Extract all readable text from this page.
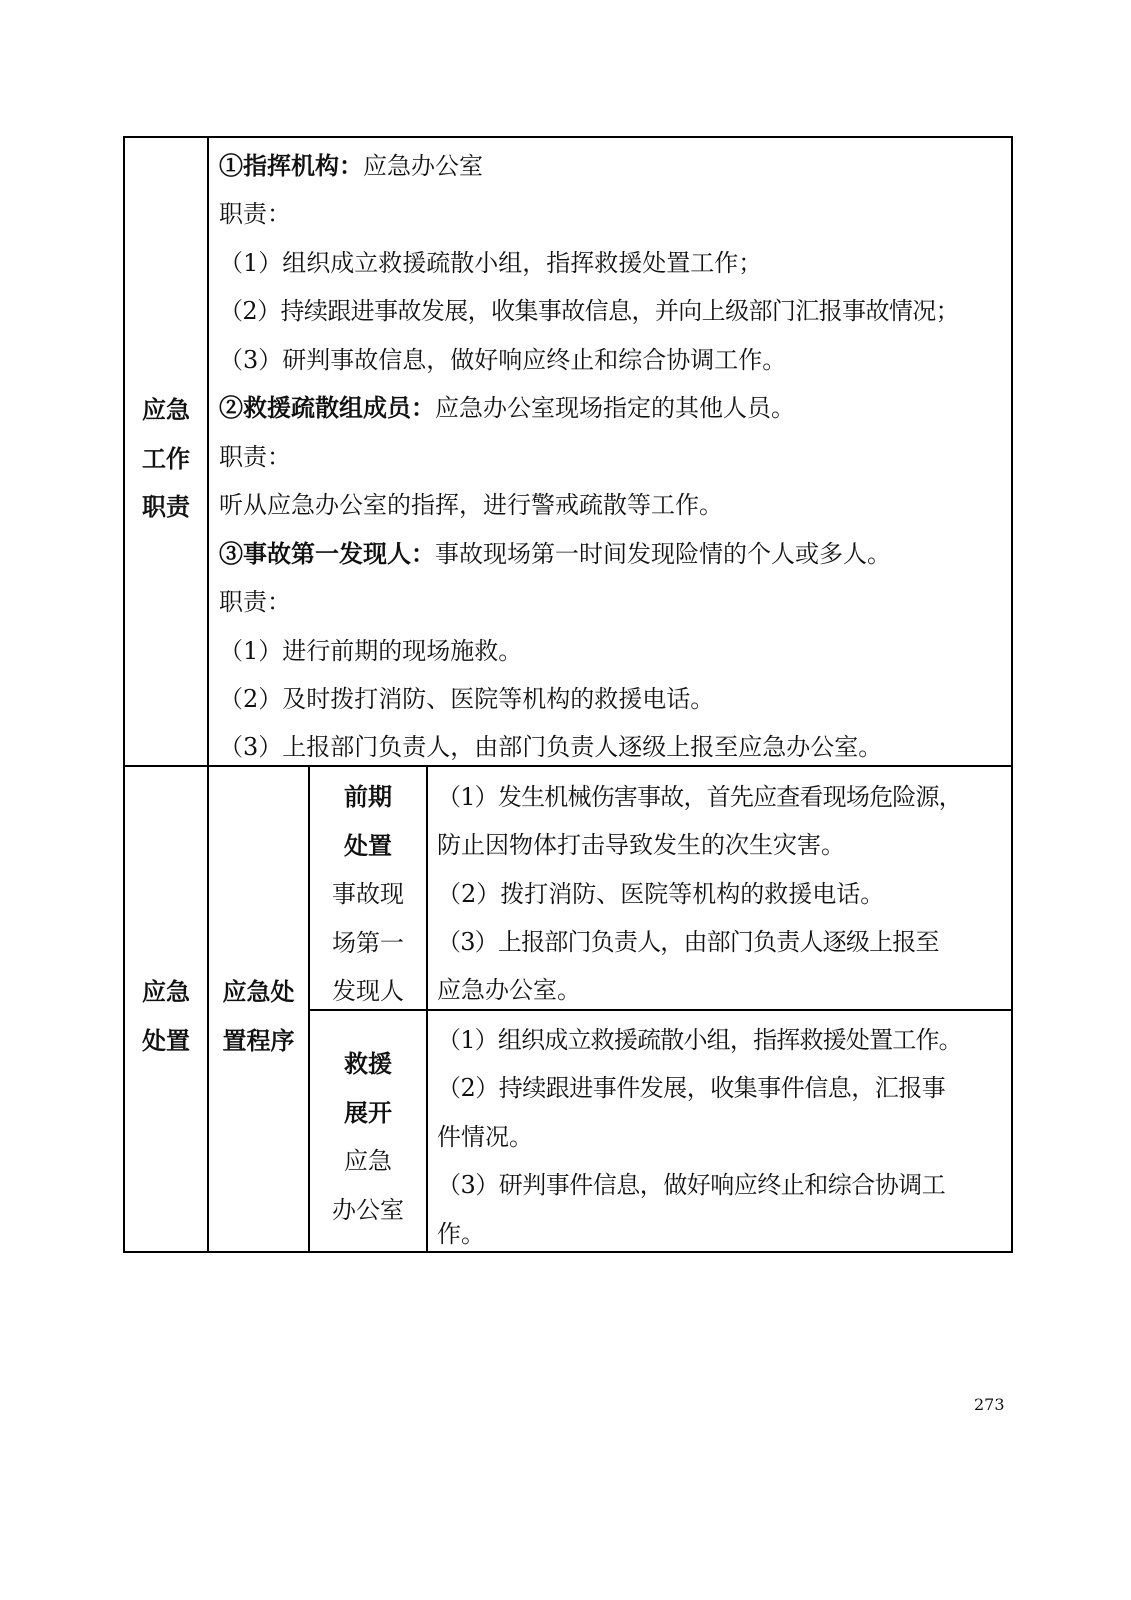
应急
工作
职责
①指挥机构：应急办公室
职责：
（1）组织成立救援疏散小组，指挥救援处置工作；
（2）持续跟进事故发展，收集事故信息，并向上级部门汇报事故情况；
（3）研判事故信息，做好响应终止和综合协调工作。
②救援疏散组成员：应急办公室现场指定的其他人员。
职责：
听从应急办公室的指挥，进行警戒疏散等工作。
③事故第一发现人：事故现场第一时间发现险情的个人或多人。
职责：
（1）进行前期的现场施救。
（2）及时拨打消防、医院等机构的救援电话。
（3）上报部门负责人，由部门负责人逐级上报至应急办公室。
应急
处置
应急处
置程序
前期
处置
事故现
场第一
发现人
（1）发生机械伤害事故，首先应查看现场危险源，
防止因物体打击导致发生的次生灾害。
（2）拨打消防、医院等机构的救援电话。
（3）上报部门负责人，由部门负责人逐级上报至
应急办公室。
救援
展开
应急
办公室
（1）组织成立救援疏散小组，指挥救援处置工作。
（2）持续跟进事件发展，收集事件信息，汇报事
件情况。
（3）研判事件信息，做好响应终止和综合协调工
作。
273
